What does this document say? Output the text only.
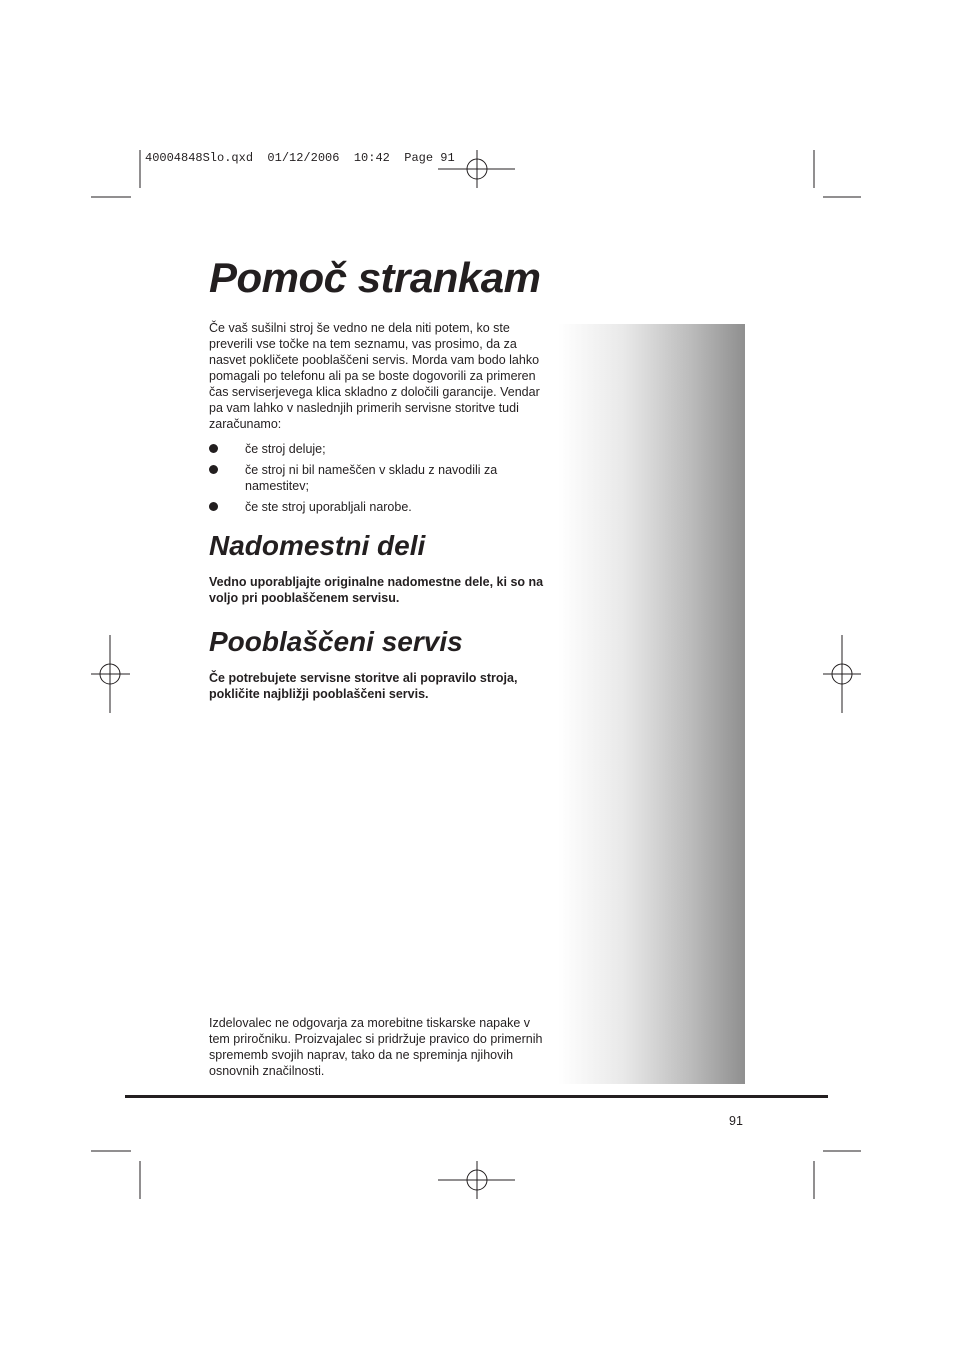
40004848Slo.qxd  01/12/2006  10:42  Page 91
Pomoč strankam

Če vaš sušilni stroj še vedno ne dela niti potem, ko ste preverili vse točke na tem seznamu, vas prosimo, da za nasvet pokličete pooblaščeni servis. Morda vam bodo lahko pomagali po telefonu ali pa se boste dogovorili za primeren čas serviserjevega klica skladno z določili garancije. Vendar pa vam lahko v naslednjih primerih servisne storitve tudi zaračunamo:

če stroj deluje;
če stroj ni bil nameščen v skladu z navodili za namestitev;
če ste stroj uporabljali narobe.
Nadomestni deli

Vedno uporabljajte originalne nadomestne dele, ki so na voljo pri pooblaščenem servisu.

Pooblaščeni servis

Če potrebujete servisne storitve ali popravilo stroja, pokličite najbližji pooblaščeni servis.

Izdelovalec ne odgovarja za morebitne tiskarske napake v tem priročniku. Proizvajalec si pridržuje pravico do primernih sprememb svojih naprav, tako da ne spreminja njihovih osnovnih značilnosti.

91
